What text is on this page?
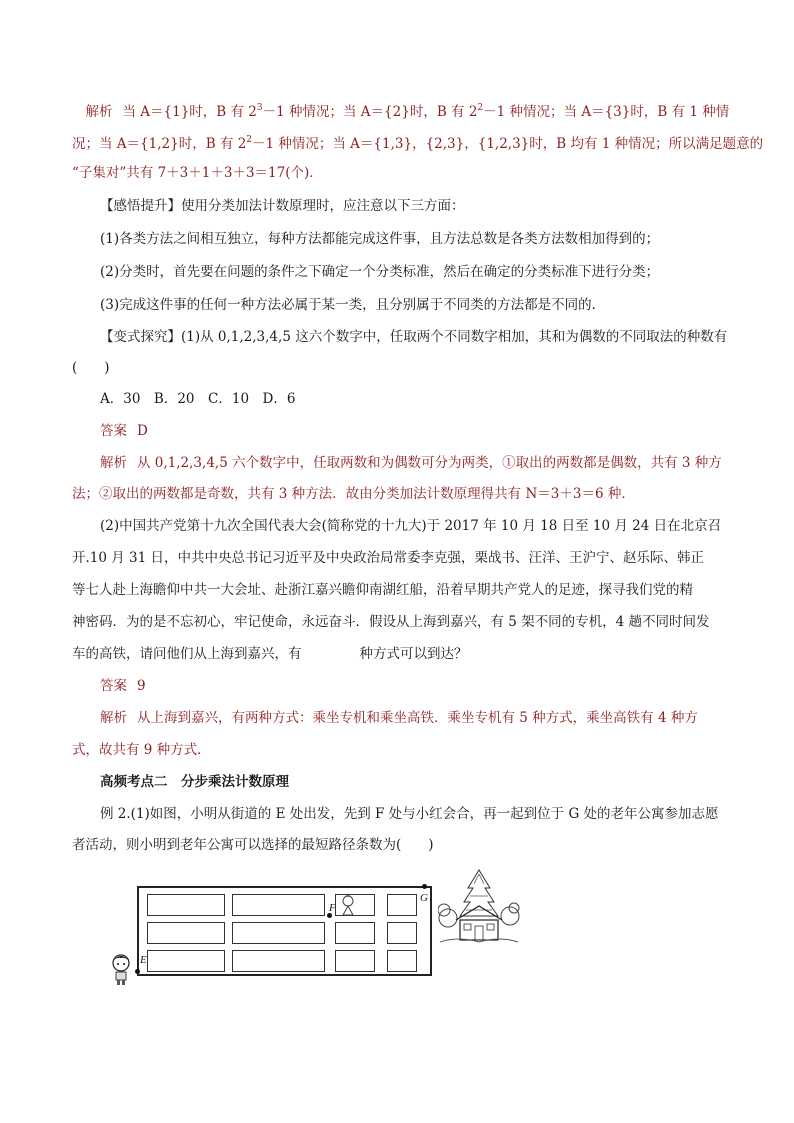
　解析 当 A＝{1}时，B 有 $2^3-1$ 种情况；当 A＝{2}时，B 有 $2^2-1$ 种情况；当 A＝{3}时，B 有 1 种情
况；当 A＝{1,2}时，B 有 $2^2-1$ 种情况；当 A＝{1,3}，{2,3}，{1,2,3}时，B 均有 1 种情况；所以满足题意的
“子集对”共有 7＋3＋1＋3＋3＝17(个)．
【感悟提升】使用分类加法计数原理时，应注意以下三方面：
(1)各类方法之间相互独立，每种方法都能完成这件事，且方法总数是各类方法数相加得到的；
(2)分类时，首先要在问题的条件之下确定一个分类标准，然后在确定的分类标准下进行分类；
(3)完成这件事的任何一种方法必属于某一类，且分别属于不同类的方法都是不同的．
【变式探究】(1)从 0,1,2,3,4,5 这六个数字中，任取两个不同数字相加，其和为偶数的不同取法的种数有
(　　)
A．30　B．20　C．10　D．6
答案 D
解析 从 0,1,2,3,4,5 六个数字中，任取两数和为偶数可分为两类，①取出的两数都是偶数，共有 3 种方
法；②取出的两数都是奇数，共有 3 种方法．故由分类加法计数原理得共有 N＝3＋3＝6 种．
(2)中国共产党第十九次全国代表大会(简称党的十九大)于 2017 年 10 月 18 日至 10 月 24 日在北京召
开.10 月 31 日，中共中央总书记习近平及中央政治局常委李克强，栗战书、汪洋、王沪宁、赵乐际、韩正
等七人赴上海瞻仰中共一大会址、赴浙江嘉兴瞻仰南湖红船，沿着早期共产党人的足迹，探寻我们党的精
神密码．为的是不忘初心，牢记使命，永远奋斗．假设从上海到嘉兴，有 5 架不同的专机，4 趟不同时间发
车的高铁，请问他们从上海到嘉兴，有	种方式可以到达？
答案 9
解析 从上海到嘉兴，有两种方式：乘坐专机和乘坐高铁．乘坐专机有 5 种方式，乘坐高铁有 4 种方
式，故共有 9 种方式．
高频考点二　分步乘法计数原理
例 2.(1)如图，小明从街道的 E 处出发，先到 F 处与小红会合，再一起到位于 G 处的老年公寓参加志愿
者活动，则小明到老年公寓可以选择的最短路径条数为(　　)
E
F
G
